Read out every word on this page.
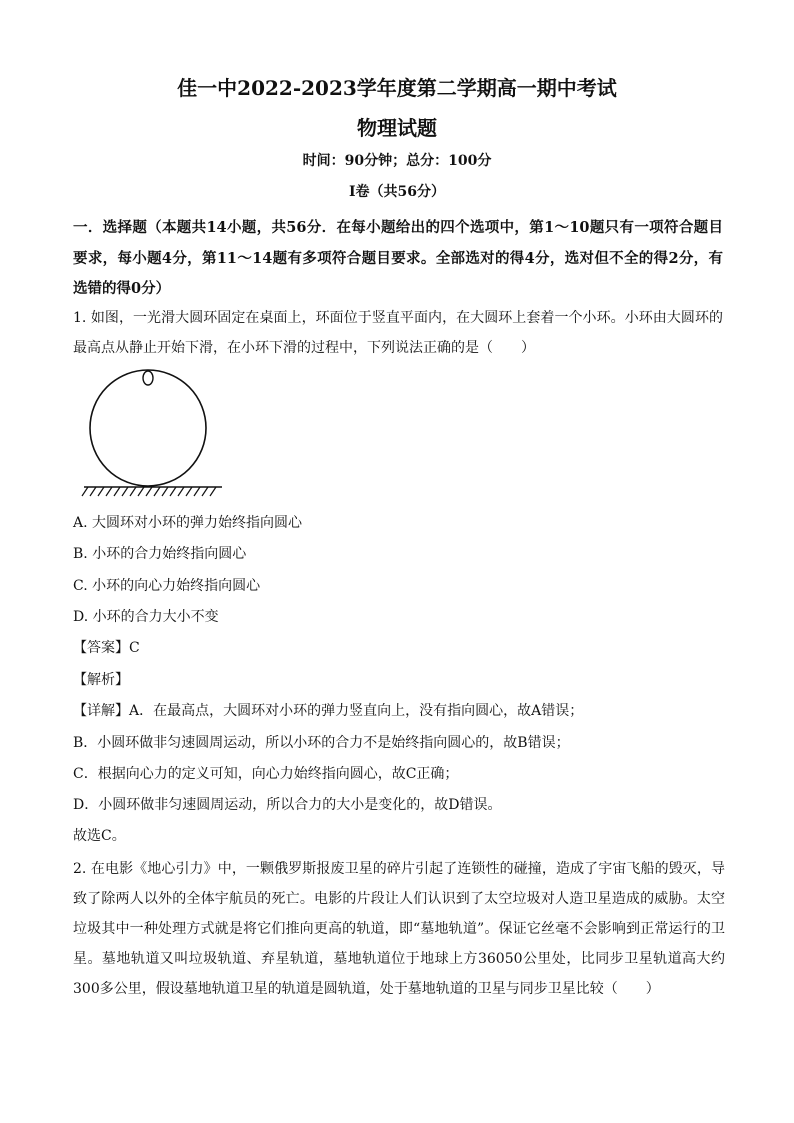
佳一中2022-2023学年度第二学期高一期中考试
物理试题
时间：90分钟；总分：100分
Ⅰ卷（共56分）
一．选择题（本题共14小题，共56分．在每小题给出的四个选项中，第1～10题只有一项符合题目要求，每小题4分，第11～14题有多项符合题目要求。全部选对的得4分，选对但不全的得2分，有选错的得0分）
1. 如图，一光滑大圆环固定在桌面上，环面位于竖直平面内，在大圆环上套着一个小环。小环由大圆环的最高点从静止开始下滑，在小环下滑的过程中，下列说法正确的是（　　）
A. 大圆环对小环的弹力始终指向圆心
B. 小环的合力始终指向圆心
C. 小环的向心力始终指向圆心
D. 小环的合力大小不变
【答案】C
【解析】
【详解】A．在最高点，大圆环对小环的弹力竖直向上，没有指向圆心，故A错误；
B．小圆环做非匀速圆周运动，所以小环的合力不是始终指向圆心的，故B错误；
C．根据向心力的定义可知，向心力始终指向圆心，故C正确；
D．小圆环做非匀速圆周运动，所以合力的大小是变化的，故D错误。
故选C。
2. 在电影《地心引力》中，一颗俄罗斯报废卫星的碎片引起了连锁性的碰撞，造成了宇宙飞船的毁灭，导致了除两人以外的全体宇航员的死亡。电影的片段让人们认识到了太空垃圾对人造卫星造成的威胁。太空垃圾其中一种处理方式就是将它们推向更高的轨道，即“墓地轨道”。保证它丝毫不会影响到正常运行的卫星。墓地轨道又叫垃圾轨道、弃星轨道，墓地轨道位于地球上方36050公里处，比同步卫星轨道高大约300多公里，假设墓地轨道卫星的轨道是圆轨道，处于墓地轨道的卫星与同步卫星比较（　　）
